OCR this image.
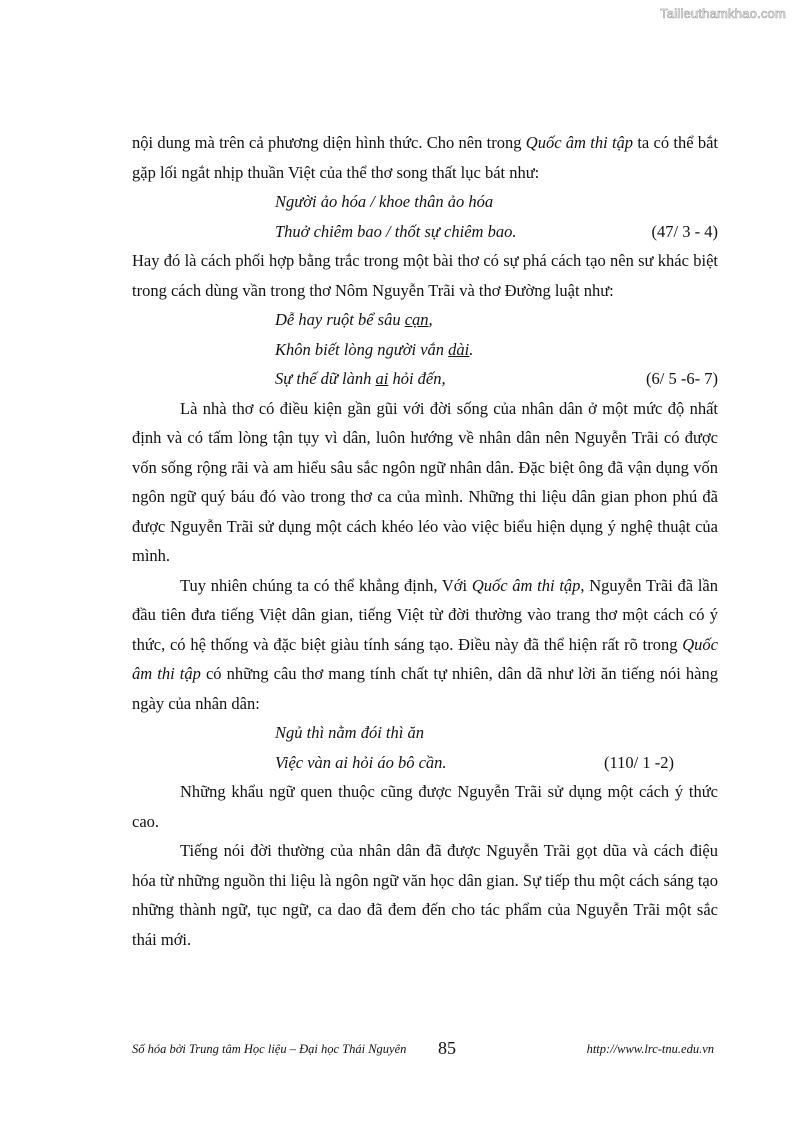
Tailieuthamkhao.com

nội dung mà trên cả phương diện hình thức. Cho nên trong Quốc âm thi tập ta có thể bắt gặp lối ngắt nhịp thuần Việt của thể thơ song thất lục bát như:

Người ảo hóa / khoe thân ảo hóa
Thuở chiêm bao / thốt sự chiêm bao.	(47/ 3 - 4)

Hay đó là cách phối hợp bằng trắc trong một bài thơ có sự phá cách tạo nên sư khác biệt trong cách dùng vần trong thơ Nôm Nguyễn Trãi và thơ Đường luật như:

Dễ hay ruột bể sâu cạn,
Khôn biết lòng người vắn dài.
Sự thế dữ lành ai hỏi đến,	(6/ 5 -6- 7)

Là nhà thơ có điều kiện gần gũi với đời sống của nhân dân ở một mức độ nhất định và có tấm lòng tận tụy vì dân, luôn hướng về nhân dân nên Nguyễn Trãi có được vốn sống rộng rãi và am hiểu sâu sắc ngôn ngữ nhân dân. Đặc biệt ông đã vận dụng vốn ngôn ngữ quý báu đó vào trong thơ ca của mình. Những thi liệu dân gian phon phú đã được Nguyễn Trãi sử dụng một cách khéo léo vào việc biểu hiện dụng ý nghệ thuật của mình.

Tuy nhiên chúng ta có thể khẳng định, Với Quốc âm thi tập, Nguyễn Trãi đã lần đầu tiên đưa tiếng Việt dân gian, tiếng Việt từ đời thường vào trang thơ một cách có ý thức, có hệ thống và đặc biệt giàu tính sáng tạo. Điều này đã thể hiện rất rõ trong Quốc âm thi tập có những câu thơ mang tính chất tự nhiên, dân dã như lời ăn tiếng nói hàng ngày của nhân dân:

Ngủ thì nằm đói thì ăn
Việc vàn ai hỏi áo bô cần.	(110/ 1 -2)

Những khẩu ngữ quen thuộc cũng được Nguyễn Trãi sử dụng một cách ý thức cao.

Tiếng nói đời thường của nhân dân đã được Nguyễn Trãi gọt dũa và cách điệu hóa từ những nguồn thi liệu là ngôn ngữ văn học dân gian. Sự tiếp thu một cách sáng tạo những thành ngữ, tục ngữ, ca dao đã đem đến cho tác phẩm của Nguyễn Trãi một sắc thái mới.

Số hóa bởi Trung tâm Học liệu – Đại học Thái Nguyên 85	http://www.lrc-tnu.edu.vn
